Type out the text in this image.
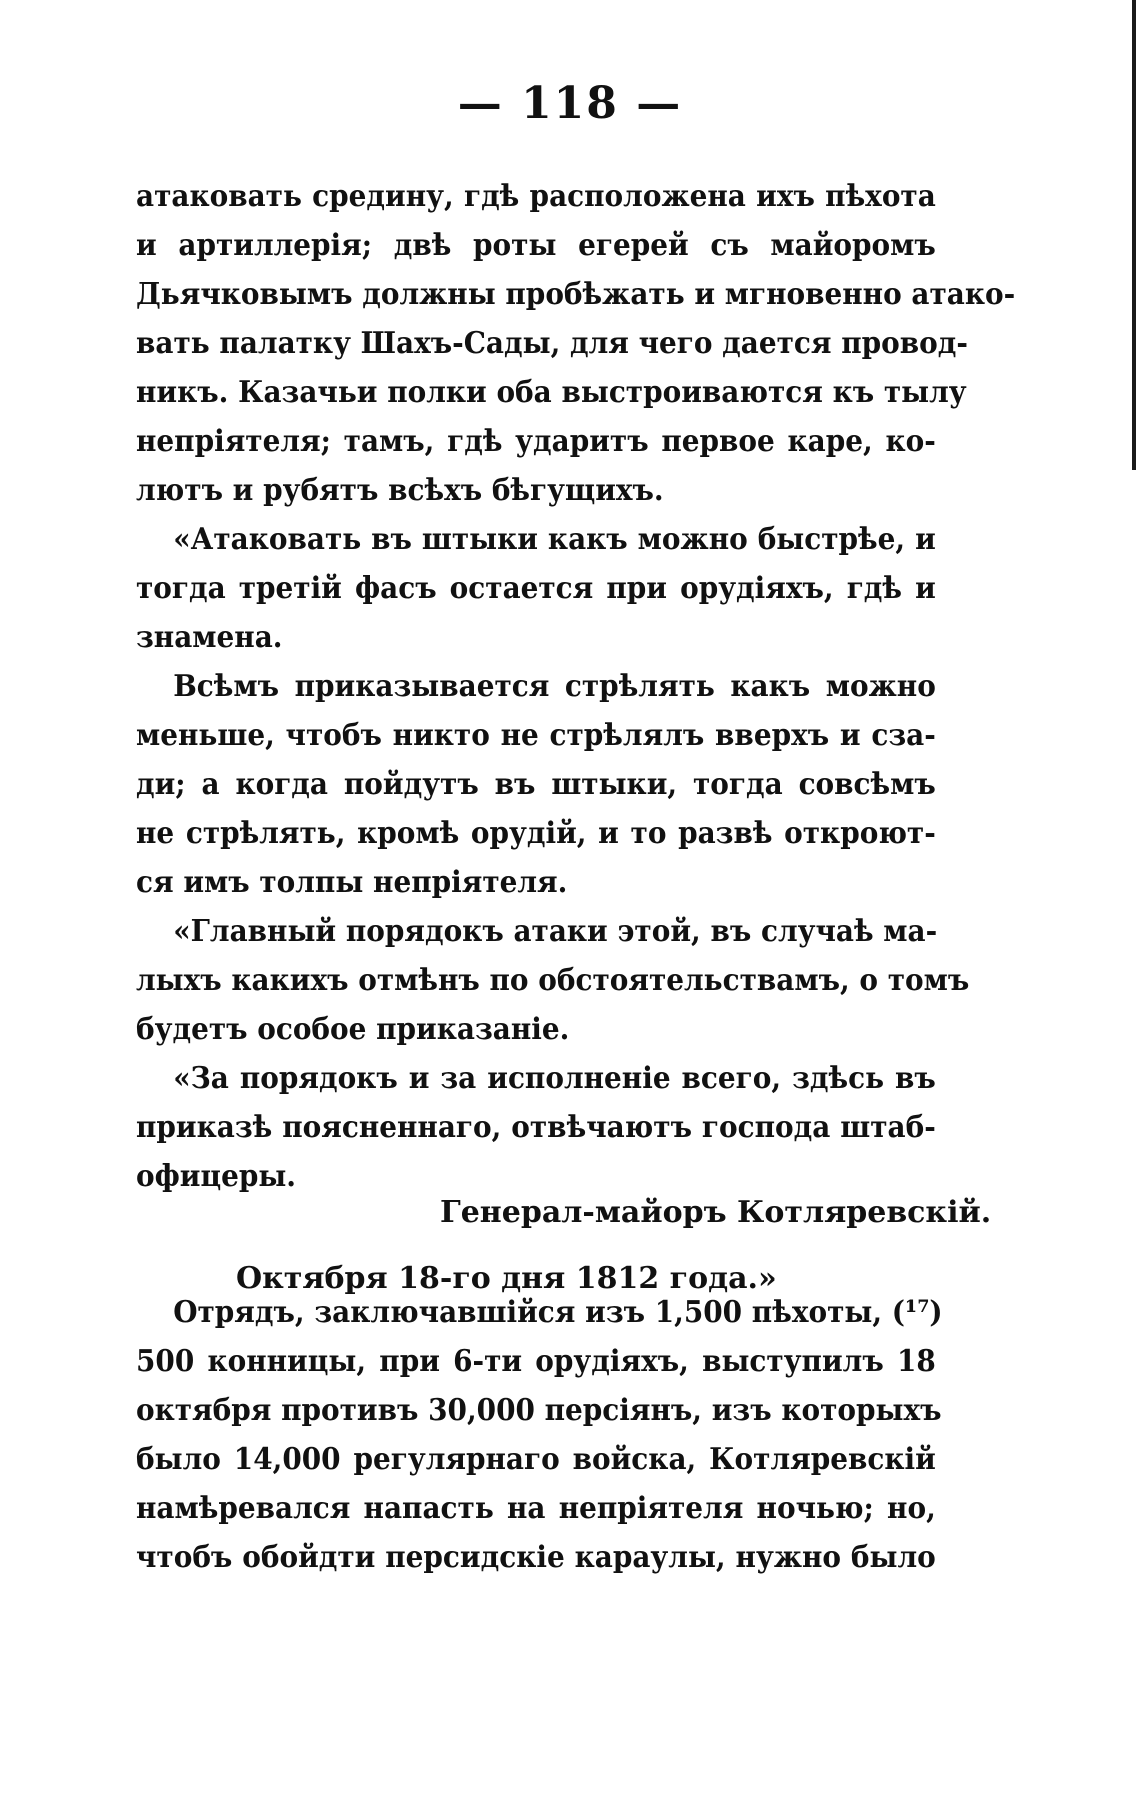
— 118 —
атаковать средину, гдѣ расположена ихъ пѣхота
и артиллерія; двѣ роты егерей съ майоромъ
Дьячковымъ должны пробѣжать и мгновенно атако-
вать палатку Шахъ-Сады, для чего дается провод-
никъ. Казачьи полки оба выстроиваются къ тылу
непріятеля; тамъ, гдѣ ударитъ первое каре, ко-
лютъ и рубятъ всѣхъ бѣгущихъ.
«Атаковать въ штыки какъ можно быстрѣе, и
тогда третій фасъ остается при орудіяхъ, гдѣ и
знамена.
Всѣмъ приказывается стрѣлять какъ можно
меньше, чтобъ никто не стрѣлялъ вверхъ и сза-
ди; а когда пойдутъ въ штыки, тогда совсѣмъ
не стрѣлять, кромѣ орудій, и то развѣ откроют-
ся имъ толпы непріятеля.
«Главный порядокъ атаки этой, въ случаѣ ма-
лыхъ какихъ отмѣнъ по обстоятельствамъ, о томъ
будетъ особое приказаніе.
«За порядокъ и за исполненіе всего, здѣсь въ
приказѣ поясненнаго, отвѣчаютъ господа штаб-
офицеры.
Генерал-майоръ Котляревскій.
Октября 18-го дня 1812 года.»
Отрядъ, заключавшійся изъ 1,500 пѣхоты, (¹⁷)
500 конницы, при 6-ти орудіяхъ, выступилъ 18
октября противъ 30,000 персіянъ, изъ которыхъ
было 14,000 регулярнаго войска, Котляревскій
намѣревался напасть на непріятеля ночью; но,
чтобъ обойдти персидскіе караулы, нужно было
